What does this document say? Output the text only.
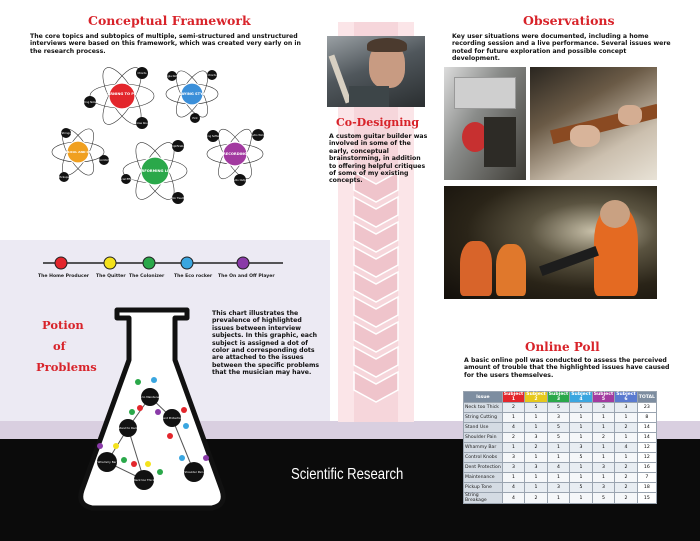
Conceptual Framework
The core topics and subtopics of multiple, semi-structured and unstructured interviews were based on this framework, which was created very early on in the research process.
LEARNING TO PLAY	PLAYING STYLE
PHYSICAL AND CARE
PERFORMING LIVE
RECORDING
Chords
Reading Notation
Exercise Routine
Single Notes	Chords
Pick
Strings
Comfort
Pickups
Amplification
Special Effects
Monitor Feedback
Mixing Software	Studio Wiring
Audio Output
The Home Producer The Quitter The Colonizer The Eco rocker The On and Off Player
Potion
of
Problems
This chart illustrates the prevalence of highlighted issues between interview subjects. In this graphic, each subject is assigned a dot of color and corresponding dots are attached to the issues between the specific problems that the musician may have.
Line to Maintenance
Stand to Rack
Dent Protection
Whammy Bar
Neck too Thick
Shoulder Pain
Co-Designing
A custom guitar builder was involved in some of the early, conceptual brainstorming, in addition to offering helpful critiques of some of my existing concepts.
Observations
Key user situations were documented, including a home recording session and a live performance. Several issues were noted for future exploration and possible concept development.
Online Poll
A basic online poll was conducted to assess the perceived amount of trouble that the highlighted issues have caused for the users themselves.
Issue	Subject 1	Subject 2	Subject 3	Subject 4	Subject 5	Subject 6	TOTAL
Neck too Thick	2	5	5	5	3	3	23
String Cutting	1	1	3	1	1	1	8
Stand Use	4	1	5	1	1	2	14
Shoulder Pain	2	3	5	1	2	1	14
Whammy Bar	1	2	1	3	1	4	12
Control Knobs	3	1	1	5	1	1	12
Dent Protection	3	3	4	1	3	2	16
Maintenance	1	1	1	1	1	2	7
Pickup Tone	4	1	3	5	3	2	18
String Breakage	4	2	1	1	5	2	15
Scientific Research
